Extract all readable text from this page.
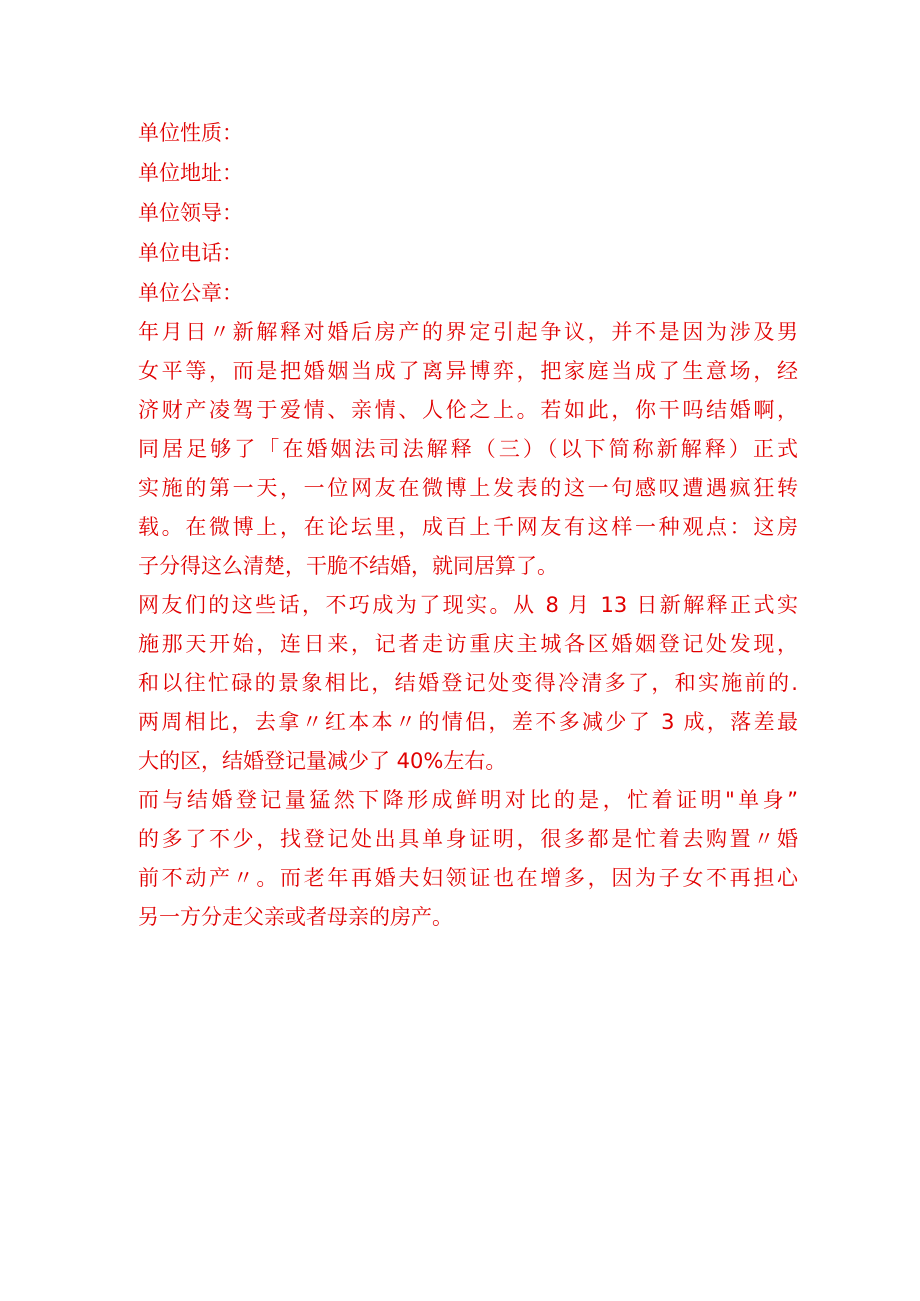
单位性质：
单位地址：
单位领导：
单位电话：
单位公章：
年月日〃新解释对婚后房产的界定引起争议，并不是因为涉及男
女平等，而是把婚姻当成了离异博弈，把家庭当成了生意场，经
济财产凌驾于爱情、亲情、人伦之上。若如此，你干吗结婚啊，
同居足够了「在婚姻法司法解释（三）（以下简称新解释）正式
实施的第一天，一位网友在微博上发表的这一句感叹遭遇疯狂转
载。在微博上，在论坛里，成百上千网友有这样一种观点：这房
子分得这么清楚，干脆不结婚，就同居算了。
网友们的这些话，不巧成为了现实。从 8 月 13 日新解释正式实
施那天开始，连日来，记者走访重庆主城各区婚姻登记处发现，
和以往忙碌的景象相比，结婚登记处变得冷清多了，和实施前的.
两周相比，去拿〃红本本〃的情侣，差不多减少了 3 成，落差最
大的区，结婚登记量减少了 40%左右。
而与结婚登记量猛然下降形成鲜明对比的是，忙着证明"单身”
的多了不少，找登记处出具单身证明，很多都是忙着去购置〃婚
前不动产〃。而老年再婚夫妇领证也在增多，因为子女不再担心
另一方分走父亲或者母亲的房产。
